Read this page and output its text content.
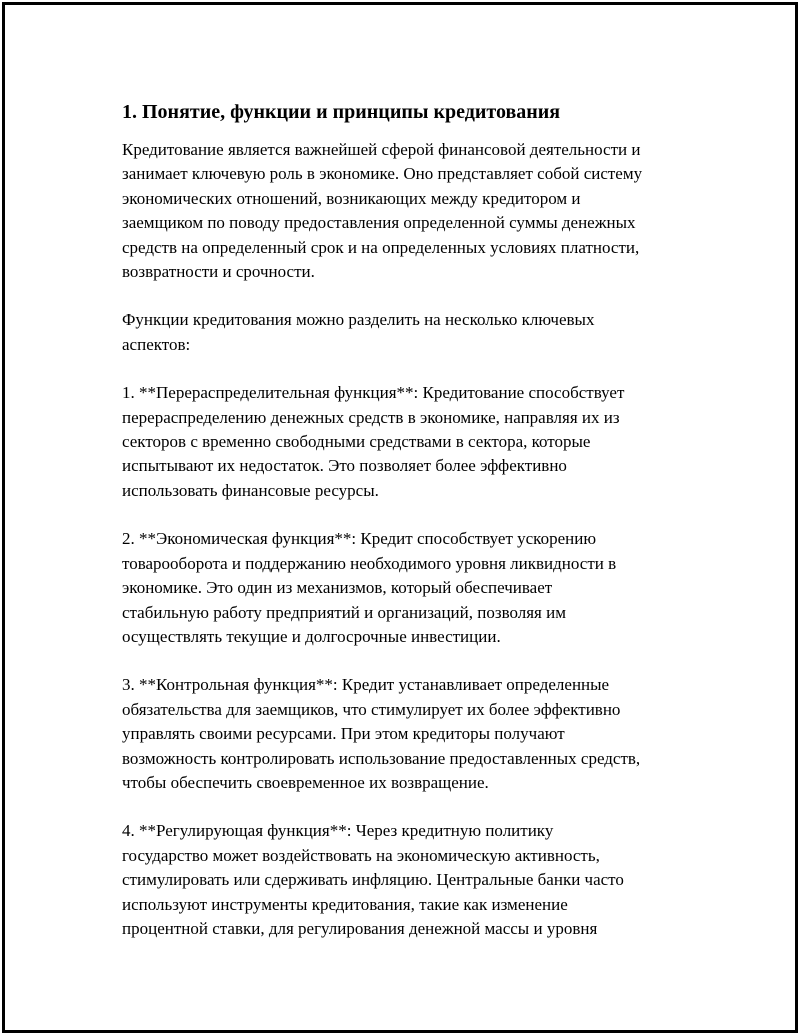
1. Понятие, функции и принципы кредитования

Кредитование является важнейшей сферой финансовой деятельности и
занимает ключевую роль в экономике. Оно представляет собой систему
экономических отношений, возникающих между кредитором и
заемщиком по поводу предоставления определенной суммы денежных
средств на определенный срок и на определенных условиях платности,
возвратности и срочности.

Функции кредитования можно разделить на несколько ключевых
аспектов:

1. **Перераспределительная функция**: Кредитование способствует
перераспределению денежных средств в экономике, направляя их из
секторов с временно свободными средствами в сектора, которые
испытывают их недостаток. Это позволяет более эффективно
использовать финансовые ресурсы.

2. **Экономическая функция**: Кредит способствует ускорению
товарооборота и поддержанию необходимого уровня ликвидности в
экономике. Это один из механизмов, который обеспечивает
стабильную работу предприятий и организаций, позволяя им
осуществлять текущие и долгосрочные инвестиции.

3. **Контрольная функция**: Кредит устанавливает определенные
обязательства для заемщиков, что стимулирует их более эффективно
управлять своими ресурсами. При этом кредиторы получают
возможность контролировать использование предоставленных средств,
чтобы обеспечить своевременное их возвращение.

4. **Регулирующая функция**: Через кредитную политику
государство может воздействовать на экономическую активность,
стимулировать или сдерживать инфляцию. Центральные банки часто
используют инструменты кредитования, такие как изменение
процентной ставки, для регулирования денежной массы и уровня
